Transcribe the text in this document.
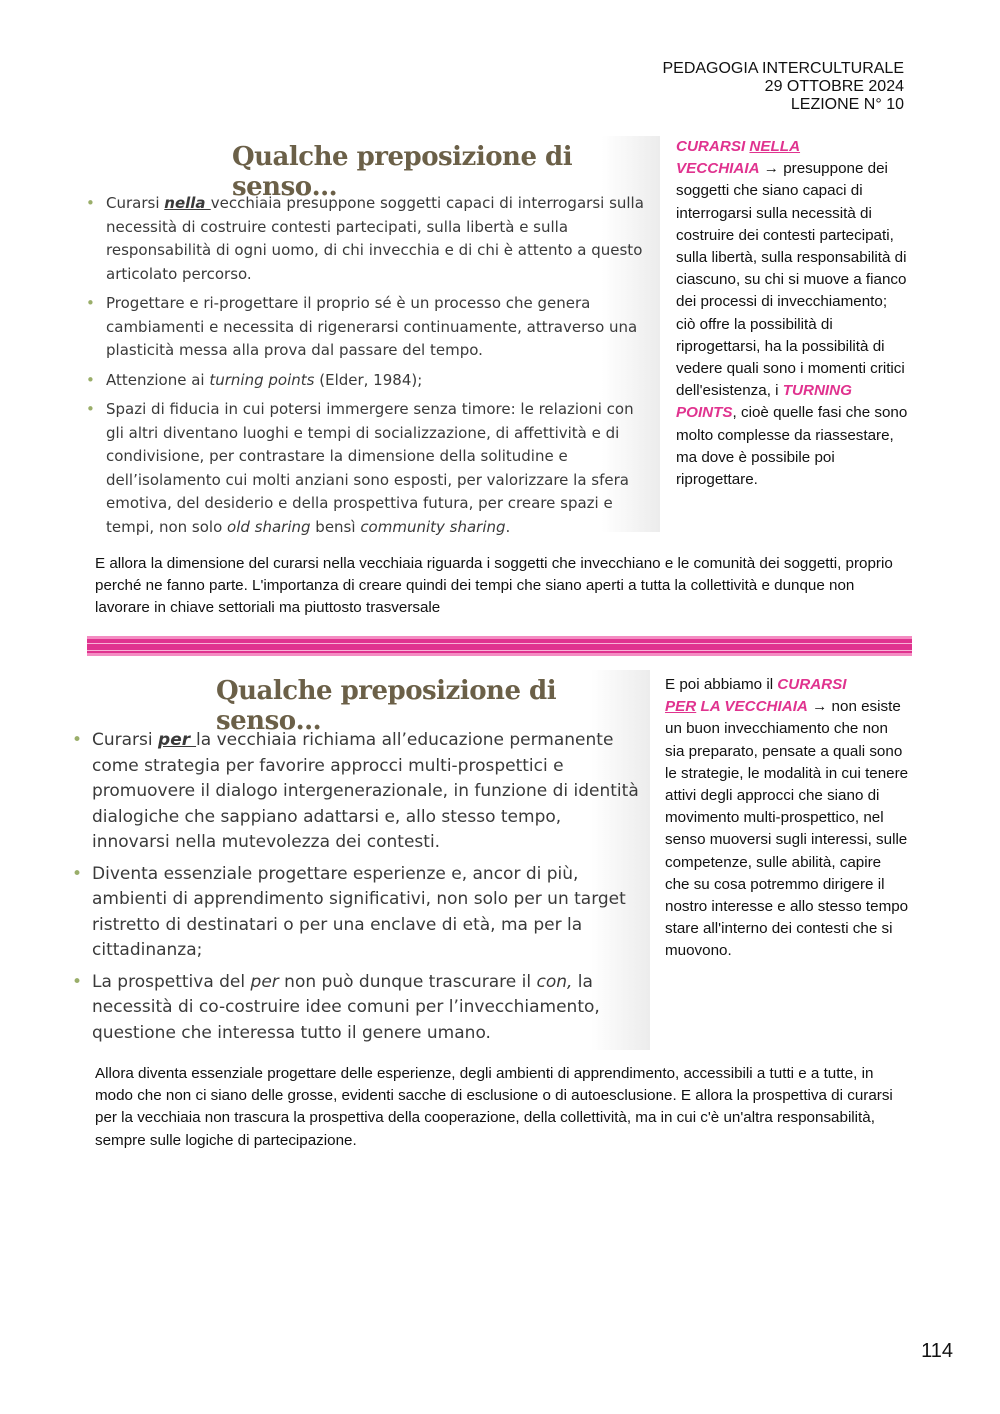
PEDAGOGIA INTERCULTURALE
29 OTTOBRE 2024
LEZIONE N° 10
Qualche preposizione di senso…
• Curarsi nella vecchiaia presuppone soggetti capaci di interrogarsi sulla necessità di costruire contesti partecipati, sulla libertà e sulla responsabilità di ogni uomo, di chi invecchia e di chi è attento a questo articolato percorso.
• Progettare e ri-progettare il proprio sé è un processo che genera cambiamenti e necessita di rigenerarsi continuamente, attraverso una plasticità messa alla prova dal passare del tempo.
• Attenzione ai turning points (Elder, 1984);
• Spazi di fiducia in cui potersi immergere senza timore: le relazioni con gli altri diventano luoghi e tempi di socializzazione, di affettività e di condivisione, per contrastare la dimensione della solitudine e dell’isolamento cui molti anziani sono esposti, per valorizzare la sfera emotiva, del desiderio e della prospettiva futura, per creare spazi e tempi, non solo old sharing bensì community sharing.
CURARSI NELLA
VECCHIAIA → presuppone dei soggetti che siano capaci di interrogarsi sulla necessità di costruire dei contesti partecipati, sulla libertà, sulla responsabilità di ciascuno, su chi si muove a fianco dei processi di invecchiamento; ciò offre la possibilità di riprogettarsi, ha la possibilità di vedere quali sono i momenti critici dell'esistenza, i TURNING POINTS, cioè quelle fasi che sono molto complesse da riassestare, ma dove è possibile poi riprogettare.
E allora la dimensione del curarsi nella vecchiaia riguarda i soggetti che invecchiano e le comunità dei soggetti, proprio perché ne fanno parte. L'importanza di creare quindi dei tempi che siano aperti a tutta la collettività e dunque non lavorare in chiave settoriali ma piuttosto trasversale
Qualche preposizione di senso…
• Curarsi per la vecchiaia richiama all’educazione permanente come strategia per favorire approcci multi-prospettici e promuovere il dialogo intergenerazionale, in funzione di identità dialogiche che sappiano adattarsi e, allo stesso tempo, innovarsi nella mutevolezza dei contesti.
• Diventa essenziale progettare esperienze e, ancor di più, ambienti di apprendimento significativi, non solo per un target ristretto di destinatari o per una enclave di età, ma per la cittadinanza;
• La prospettiva del per non può dunque trascurare il con, la necessità di co-costruire idee comuni per l’invecchiamento, questione che interessa tutto il genere umano.
E poi abbiamo il CURARSI
PER LA VECCHIAIA → non esiste un buon invecchiamento che non sia preparato, pensate a quali sono le strategie, le modalità in cui tenere attivi degli approcci che siano di movimento multi-prospettico, nel senso muoversi sugli interessi, sulle competenze, sulle abilità, capire che su cosa potremmo dirigere il nostro interesse e allo stesso tempo stare all'interno dei contesti che si muovono.
Allora diventa essenziale progettare delle esperienze, degli ambienti di apprendimento, accessibili a tutti e a tutte, in modo che non ci siano delle grosse, evidenti sacche di esclusione o di autoesclusione. E allora la prospettiva di curarsi per la vecchiaia non trascura la prospettiva della cooperazione, della collettività, ma in cui c'è un'altra responsabilità, sempre sulle logiche di partecipazione.
114
